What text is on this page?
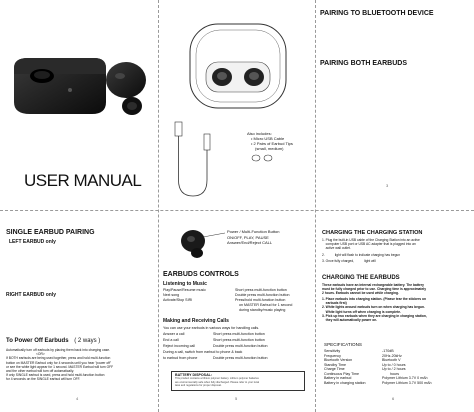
USER MANUAL
Also includes:
• Micro USB Cable
• 2 Pairs of Earbud Tips
(small, medium)
PAIRING TO BLUETOOTH DEVICE
PAIRING BOTH EARBUDS
3
SINGLE EARBUD PAIRING
LEFT EARBUD only
RIGHT EARBUD only
To Power Off Earbuds ( 2 ways )
Automatically turn off earbuds by placing them back into charging case.
<OR>
If BOTH earbuds are being used together, press and hold multi-function
button on MASTER Earbud only for 4 seconds until you hear "power off"
or see the white light appear for 1 second. MASTER Earbud will turn OFF
and the other earbud will turn off automatically.
If only SINGLE earbud is used, press and hold multi-function button
for 4 seconds on the SINGLE earbud will turn OFF.
4
Power / Multi-Function Button
ON/OFF, PLAY, PAUSE
Answer/End/Reject CALL
EARBUDS CONTROLS
Listening to Music
Play/Pause/Resume music	Short press multi-function button
Next song	Double press multi-function button
Activate/Stop SIRI	Press/hold multi-function button
on MASTER Earbud for 1 second
during standby/music playing
Making and Receiving Calls
You can use your earbuds in various ways for handling calls.
Answer a call	Short press multi-function button
End a call	Short press multi-function button
Reject incoming call	Double press multi-function button
During a call, switch from earbud to phone & back
to earbud from phone	Double press multi-function button
BATTERY DISPOSAL:
This product contains a lithium polymer battery. Lithium polymer batteries
are environmentally safe when fully discharged. Please refer to your local
laws and regulations for proper disposal.
5
CHARGING THE CHARGING STATION
1. Plug the built-in USB cable of the Charging Station into an active
computer USB port or USB AC adapter that is plugged into an
active wall outlet.
2.           light will flash to indicate charging has begun
3. Once fully charged,           light will
CHARGING THE EARBUDS
These earbuds have an internal rechargeable battery. The battery
must be fully charged prior to use. Charging time is approximately
2 hours. Earbuds cannot be used while charging.
1. Place earbuds into charging station. (Please tear the stickers on
earbuds first)
2. White lights around earbuds turn on when charging has begun.
White light turns off when charging is complete.
3. Pick up two earbuds when they are charging in charging station,
they will automatically power on.
SPECIFICATIONS
Sensitivity	-170dB
Frequency	20Hz-20kHz
Bluetooth Version	Bluetooth V
Standby Time	Up to / 0 hours
Charge Time	Up to / 2 hours
Continuous Play Time	hours
Battery in earbud	Polymer Lithium 3.7V 0 mAh
Battery in charging station	Polymer Lithium 3.7V 500 mAh
6
